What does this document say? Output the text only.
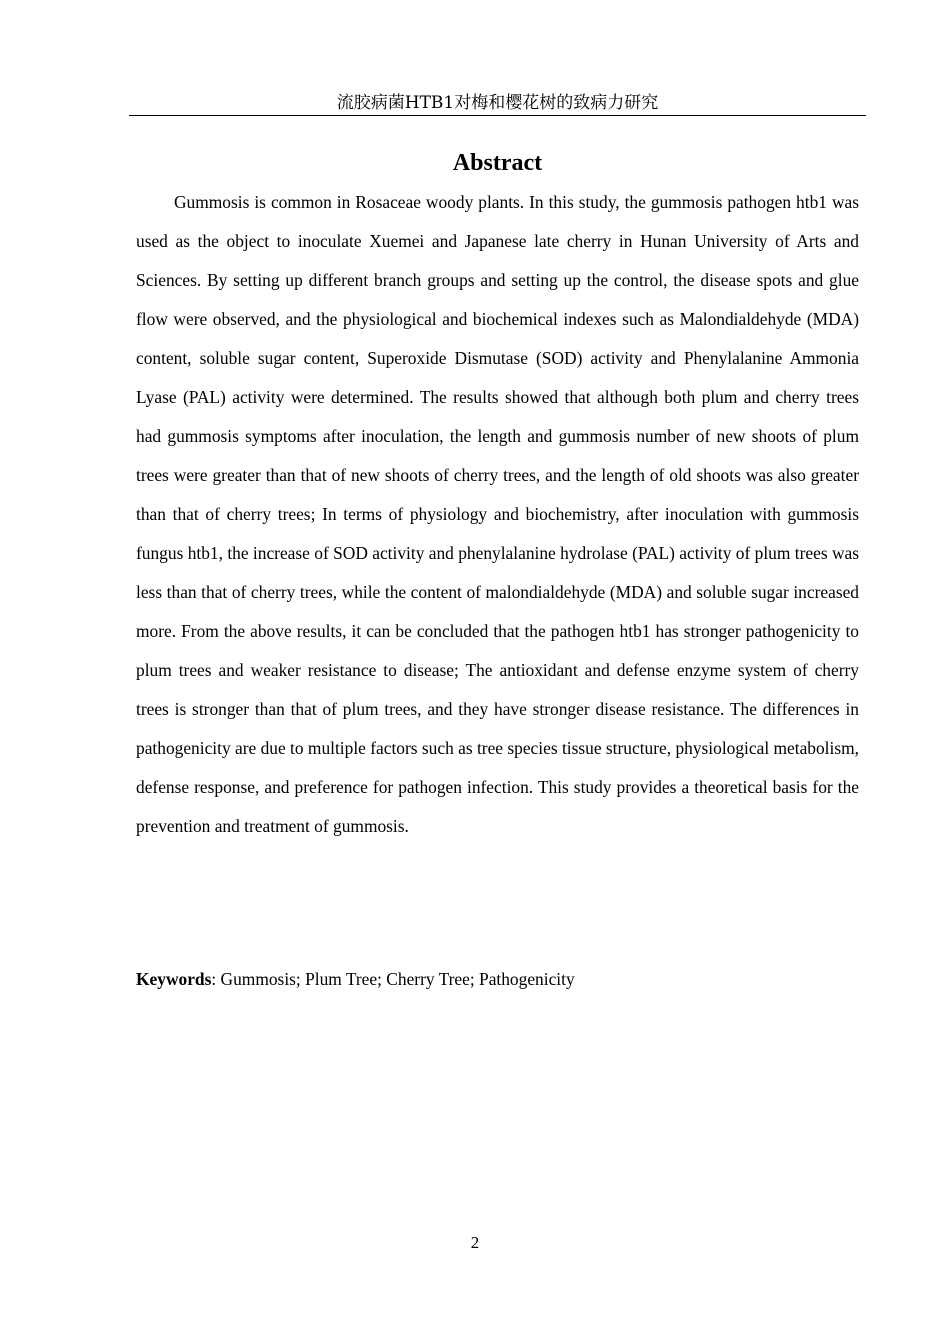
流胶病菌HTB1对梅和樱花树的致病力研究
Abstract

Gummosis is common in Rosaceae woody plants. In this study, the gummosis pathogen htb1 was used as the object to inoculate Xuemei and Japanese late cherry in Hunan University of Arts and Sciences. By setting up different branch groups and setting up the control, the disease spots and glue flow were observed, and the physiological and biochemical indexes such as Malondialdehyde (MDA) content, soluble sugar content, Superoxide Dismutase (SOD) activity and Phenylalanine Ammonia Lyase (PAL) activity were determined. The results showed that although both plum and cherry trees had gummosis symptoms after inoculation, the length and gummosis number of new shoots of plum trees were greater than that of new shoots of cherry trees, and the length of old shoots was also greater than that of cherry trees; In terms of physiology and biochemistry, after inoculation with gummosis fungus htb1, the increase of SOD activity and phenylalanine hydrolase (PAL) activity of plum trees was less than that of cherry trees, while the content of malondialdehyde (MDA) and soluble sugar increased more. From the above results, it can be concluded that the pathogen htb1 has stronger pathogenicity to plum trees and weaker resistance to disease; The antioxidant and defense enzyme system of cherry trees is stronger than that of plum trees, and they have stronger disease resistance. The differences in pathogenicity are due to multiple factors such as tree species tissue structure, physiological metabolism, defense response, and preference for pathogen infection. This study provides a theoretical basis for the prevention and treatment of gummosis.

Keywords: Gummosis; Plum Tree; Cherry Tree; Pathogenicity

2
